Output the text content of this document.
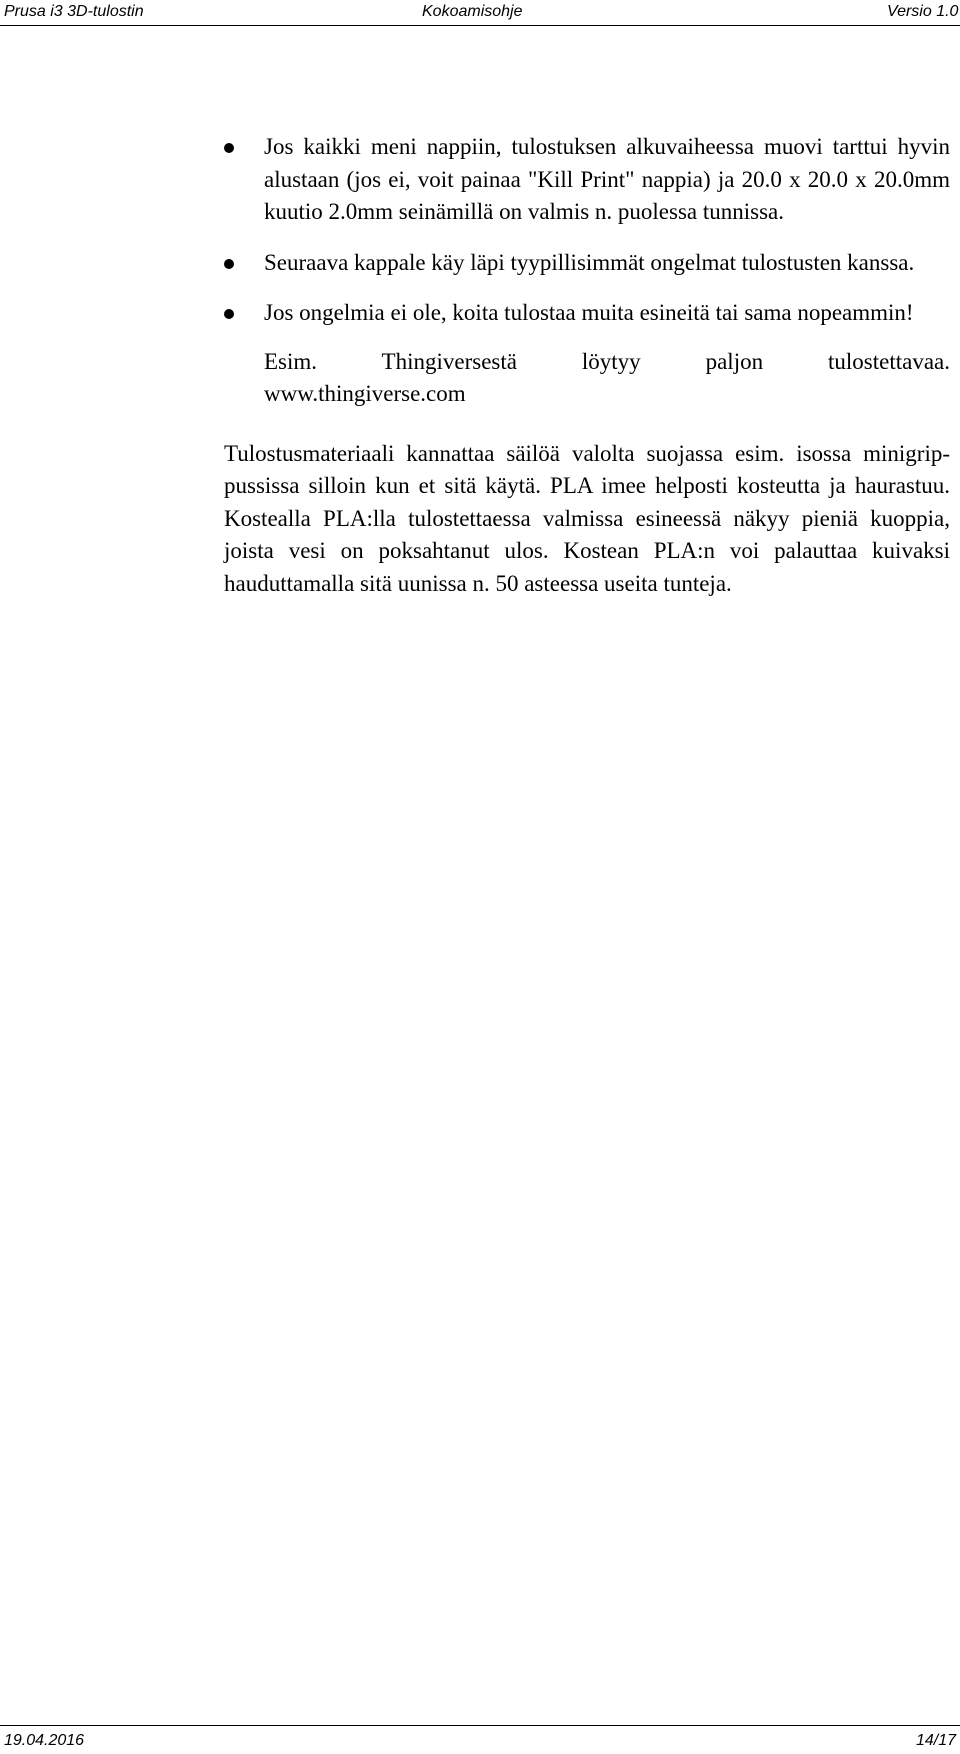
Prusa i3 3D-tulostin	Kokoamisohje	Versio 1.0
Jos kaikki meni nappiin, tulostuksen alkuvaiheessa muovi tarttui hyvin alustaan (jos ei, voit painaa "Kill Print" nappia) ja 20.0 x 20.0 x 20.0mm kuutio 2.0mm seinämillä on valmis n. puolessa tunnissa.
Seuraava kappale käy läpi tyypillisimmät ongelmat tulostusten kanssa.
Jos ongelmia ei ole, koita tulostaa muita esineitä tai sama nopeammin!

Esim. Thingiversestä löytyy paljon tulostettavaa.
www.thingiverse.com

Tulostusmateriaali kannattaa säilöä valolta suojassa esim. isossa minigrip-pussissa silloin kun et sitä käytä. PLA imee helposti kosteutta ja haurastuu. Kostealla PLA:lla tulostettaessa valmissa esineessä näkyy pieniä kuoppia, joista vesi on poksahtanut ulos. Kostean PLA:n voi palauttaa kuivaksi hauduttamalla sitä uunissa n. 50 asteessa useita tunteja.

19.04.2016	14/17
